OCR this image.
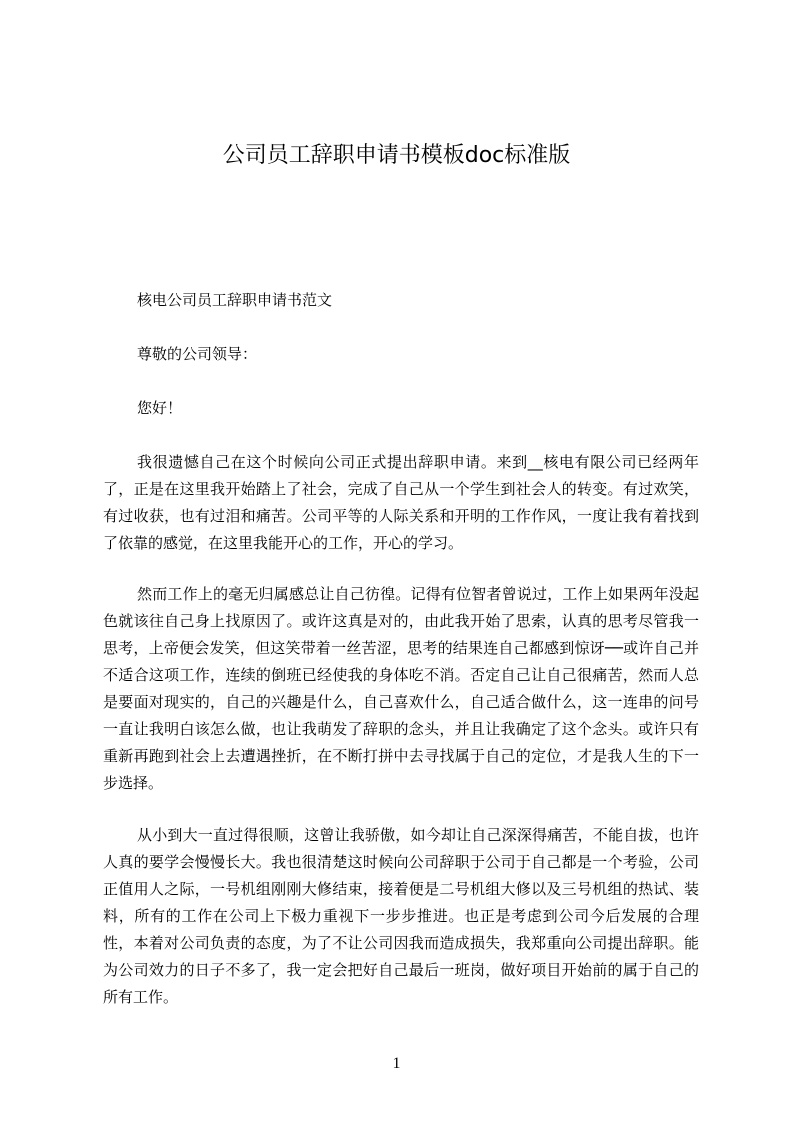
公司员工辞职申请书模板doc标准版

核电公司员工辞职申请书范文

尊敬的公司领导：

您好！

我很遗憾自己在这个时候向公司正式提出辞职申请。来到__核电有限公司已经两年了，正是在这里我开始踏上了社会，完成了自己从一个学生到社会人的转变。有过欢笑，有过收获，也有过泪和痛苦。公司平等的人际关系和开明的工作作风，一度让我有着找到了依靠的感觉，在这里我能开心的工作，开心的学习。

然而工作上的毫无归属感总让自己彷徨。记得有位智者曾说过，工作上如果两年没起色就该往自己身上找原因了。或许这真是对的，由此我开始了思索，认真的思考尽管我一思考，上帝便会发笑，但这笑带着一丝苦涩，思考的结果连自己都感到惊讶──或许自己并不适合这项工作，连续的倒班已经使我的身体吃不消。否定自己让自己很痛苦，然而人总是要面对现实的，自己的兴趣是什么，自己喜欢什么，自己适合做什么，这一连串的问号一直让我明白该怎么做，也让我萌发了辞职的念头，并且让我确定了这个念头。或许只有重新再跑到社会上去遭遇挫折，在不断打拼中去寻找属于自己的定位，才是我人生的下一步选择。

从小到大一直过得很顺，这曾让我骄傲，如今却让自己深深得痛苦，不能自拔，也许人真的要学会慢慢长大。我也很清楚这时候向公司辞职于公司于自己都是一个考验，公司正值用人之际，一号机组刚刚大修结束，接着便是二号机组大修以及三号机组的热试、装料，所有的工作在公司上下极力重视下一步步推进。也正是考虑到公司今后发展的合理性，本着对公司负责的态度，为了不让公司因我而造成损失，我郑重向公司提出辞职。能为公司效力的日子不多了，我一定会把好自己最后一班岗，做好项目开始前的属于自己的所有工作。

1
